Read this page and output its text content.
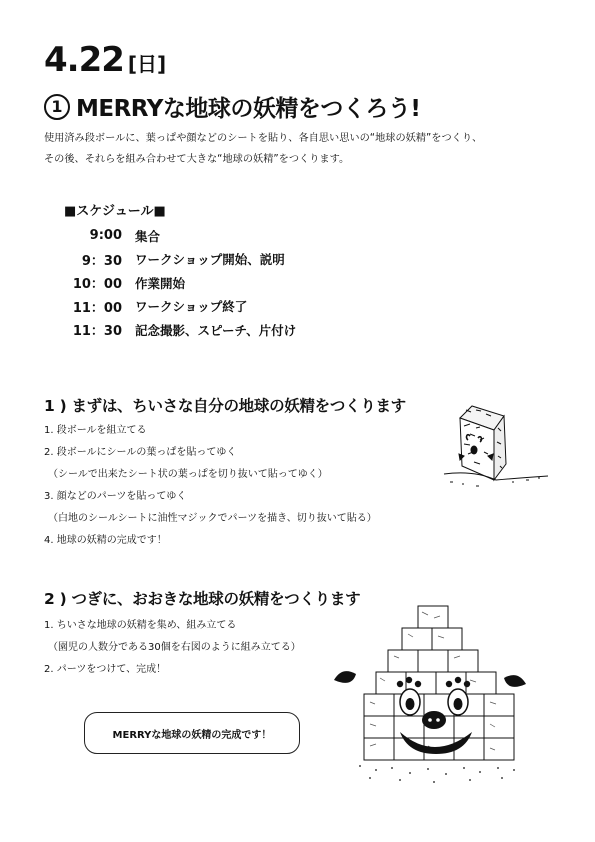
4.22 [日]
1 MERRYな地球の妖精をつくろう!
使用済み段ボールに、葉っぱや顔などのシートを貼り、各自思い思いの“地球の妖精”をつくり、
その後、それらを組み合わせて大きな“地球の妖精”をつくります。
■スケジュール■
9:00 集合
9：30 ワークショップ開始、説明
10：00 作業開始
11：00 ワークショップ終了
11：30 記念撮影、スピーチ、片付け
1 ) まずは、ちいさな自分の地球の妖精をつくります
1. 段ボールを組立てる
2. 段ボールにシールの葉っぱを貼ってゆく
（シールで出来たシート状の葉っぱを切り抜いて貼ってゆく）
3. 顔などのパーツを貼ってゆく
（白地のシールシートに油性マジックでパーツを描き、切り抜いて貼る）
4. 地球の妖精の完成です！
2 ) つぎに、おおきな地球の妖精をつくります
1. ちいさな地球の妖精を集め、組み立てる
（園児の人数分である30個を右図のように組み立てる）
2. パーツをつけて、完成！
MERRYな地球の妖精の完成です！
